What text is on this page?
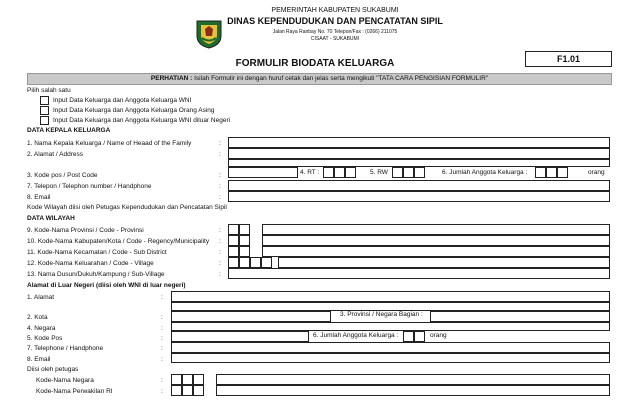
PEMERINTAH KABUPATEN SUKABUMI
DINAS KEPENDUDUKAN DAN PENCATATAN SIPIL
Jalan Raya Ranbay No. 70 Telepon/Fax : (0266) 211075
CISAAT - SUKABUMI
F1.01
FORMULIR BIODATA KELUARGA
PERHATIAN : Isilah Formulir ini dengan huruf cetak dan jelas serta mengikuti "TATA CARA PENGISIAN FORMULIR"
Pilih salah satu
Input Data Keluarga dan Anggota Keluarga WNI
Input Data Keluarga dan Anggota Keluarga Orang Asing
Input Data Keluarga dan Anggota Keluarga WNI diluar Negeri
DATA KEPALA KELUARGA
1. Nama Kepala Keluarga / Name of Heaad of the Family	:
2. Alamat / Address	:
4. RT :	5. RW	6. Jumlah Anggota Keluarga :	orang
3. Kode pos / Post Code	:
7. Telepon / Telephon number / Handphone	:
8. Email	:
Kode Wilayah diisi oleh Petugas Kependudukan dan Pencatatan Sipil
DATA WILAYAH
9. Kode-Nama Provinsi / Code - Provinsi	:
10. Kode-Nama Kabupaten/Kota / Code - Regency/Municipality :
11. Kode-Nama Kecamatan / Code - Sub District	:
12. Kode-Nama Keluarahan / Code - Village	:
13. Nama Dusun/Dukuh/Kampung / Sub-Village	:
Alamat di Luar Negeri (diisi oleh WNI di luar negeri)
1. Alamat	:
2. Kota	:	3. Provinsi / Negara Bagian :
4. Negara	:
5. Kode Pos	:	6. Jumlah Anggota Keluarga :	orang
7. Telephone / Handphone	:
8. Email	:
Diisi oleh petugas
Kode-Nama Negara	:
Kode-Nama Perwakilan RI	:
